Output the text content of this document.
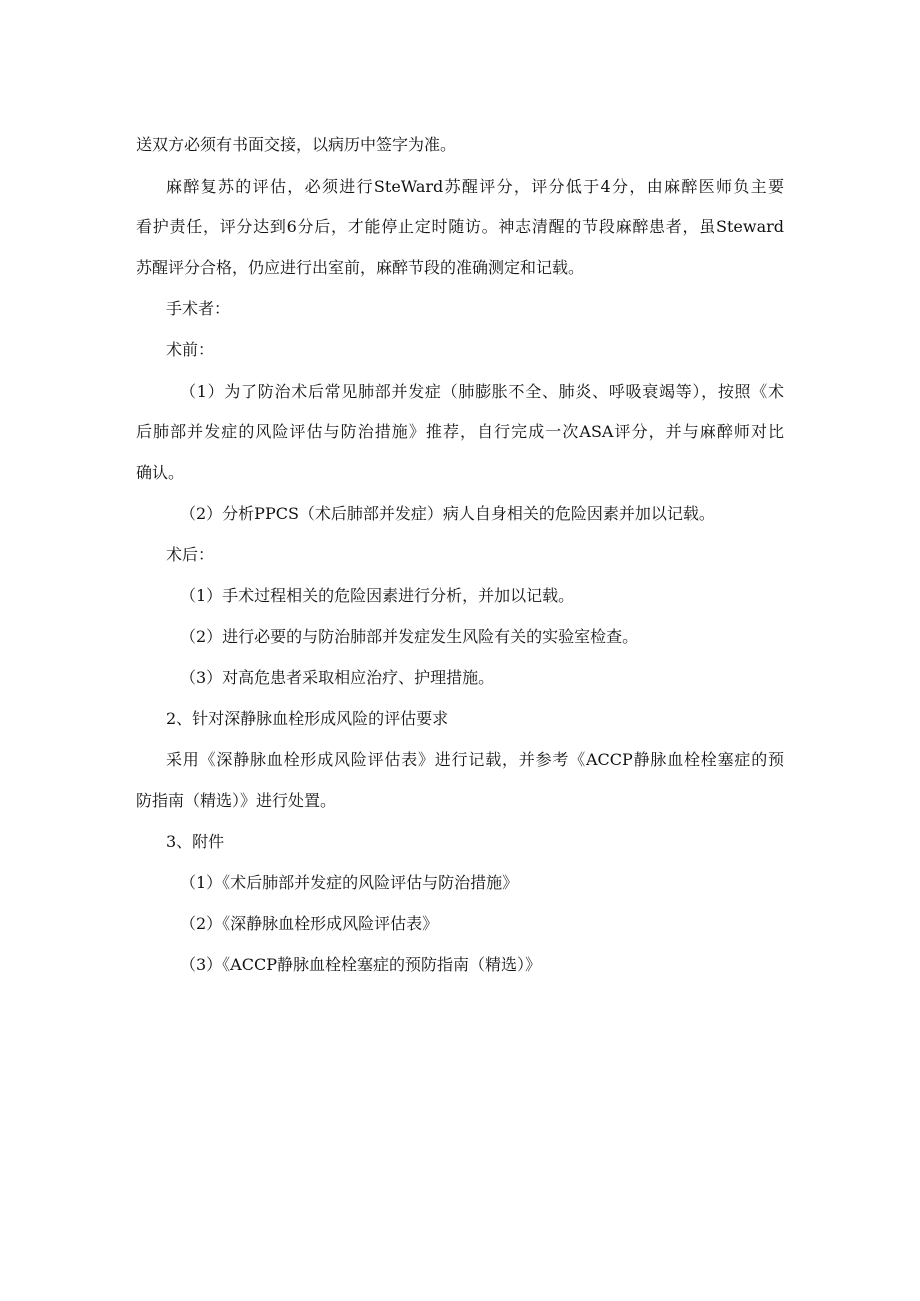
送双方必须有书面交接，以病历中签字为准。
麻醉复苏的评估，必须进行SteWard苏醒评分，评分低于4分，由麻醉医师负主要
看护责任，评分达到6分后，才能停止定时随访。神志清醒的节段麻醉患者，虽Steward
苏醒评分合格，仍应进行出室前，麻醉节段的准确测定和记载。
手术者：
术前：
（1）为了防治术后常见肺部并发症（肺膨胀不全、肺炎、呼吸衰竭等），按照《术
后肺部并发症的风险评估与防治措施》推荐，自行完成一次ASA评分，并与麻醉师对比
确认。
（2）分析PPCS（术后肺部并发症）病人自身相关的危险因素并加以记载。
术后：
（1）手术过程相关的危险因素进行分析，并加以记载。
（2）进行必要的与防治肺部并发症发生风险有关的实验室检查。
（3）对高危患者采取相应治疗、护理措施。
2、针对深静脉血栓形成风险的评估要求
采用《深静脉血栓形成风险评估表》进行记载，并参考《ACCP静脉血栓栓塞症的预
防指南（精选）》进行处置。
3、附件
（1）《术后肺部并发症的风险评估与防治措施》
（2）《深静脉血栓形成风险评估表》
（3）《ACCP静脉血栓栓塞症的预防指南（精选）》
